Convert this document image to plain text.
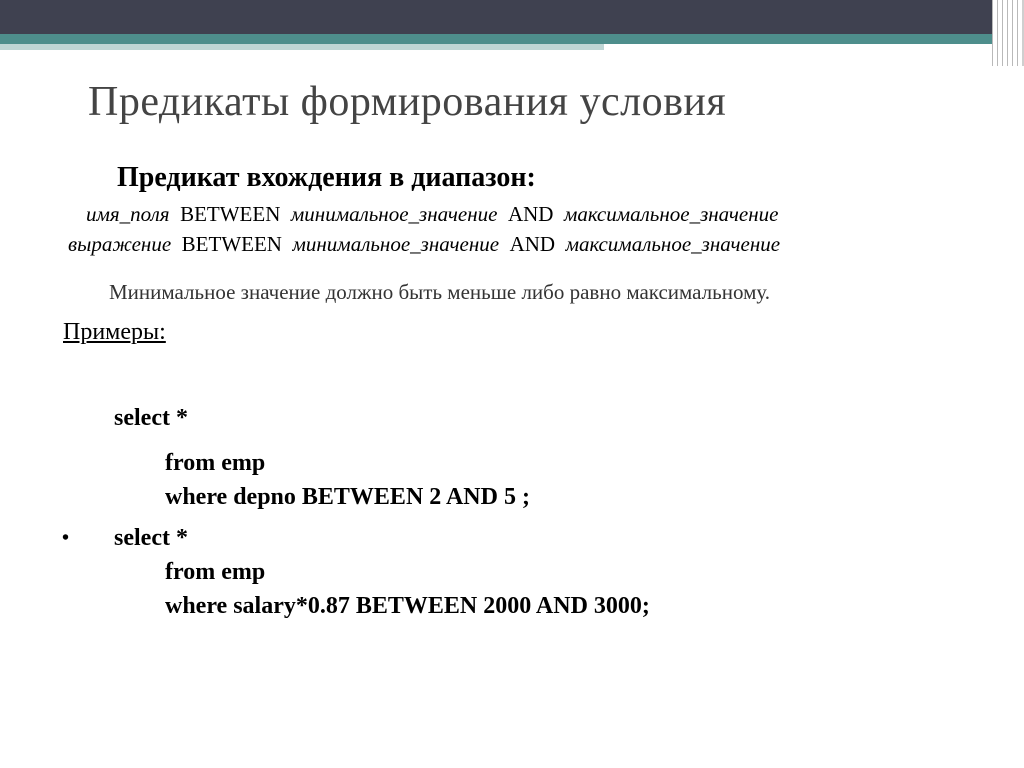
Предикаты формирования условия
Предикат вхождения в диапазон:
имя_поля BETWEEN минимальное_значение AND максимальное_значение
выражение BETWEEN минимальное_значение AND максимальное_значение
Минимальное значение должно быть меньше либо равно максимальному.
Примеры:
select *
from emp
where depno BETWEEN 2 AND 5 ;
• select *
from emp
where salary*0.87 BETWEEN 2000 AND 3000;
